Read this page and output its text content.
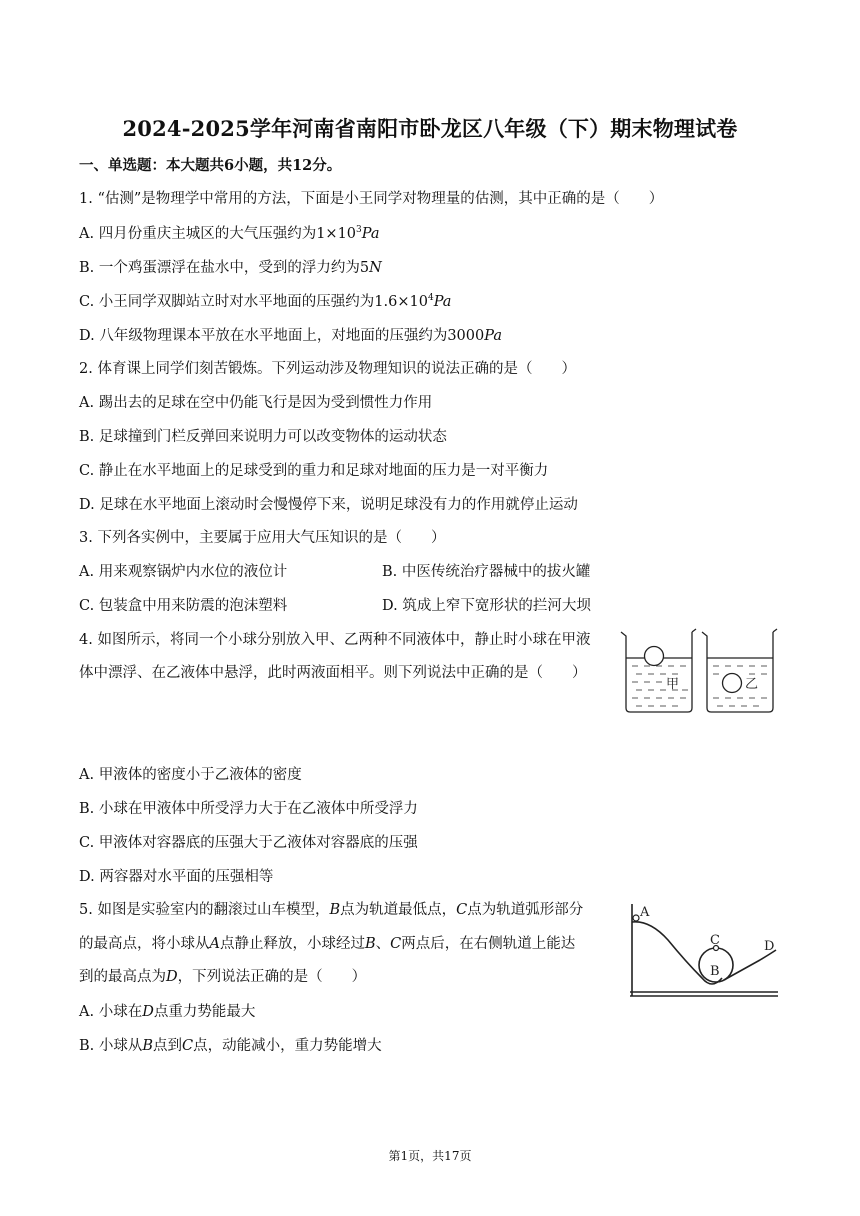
2024-2025学年河南省南阳市卧龙区八年级（下）期末物理试卷
一、单选题：本大题共6小题，共12分。
1. “估测”是物理学中常用的方法，下面是小王同学对物理量的估测，其中正确的是（　　）
A. 四月份重庆主城区的大气压强约为$1\times 10^3Pa$
B. 一个鸡蛋漂浮在盐水中，受到的浮力约为5N
C. 小王同学双脚站立时对水平地面的压强约为$1.6\times 10^4Pa$
D. 八年级物理课本平放在水平地面上，对地面的压强约为3000Pa
2. 体育课上同学们刻苦锻炼。下列运动涉及物理知识的说法正确的是（　　）
A. 踢出去的足球在空中仍能飞行是因为受到惯性力作用
B. 足球撞到门栏反弹回来说明力可以改变物体的运动状态
C. 静止在水平地面上的足球受到的重力和足球对地面的压力是一对平衡力
D. 足球在水平地面上滚动时会慢慢停下来，说明足球没有力的作用就停止运动
3. 下列各实例中，主要属于应用大气压知识的是（　　）
A. 用来观察锅炉内水位的液位计	B. 中医传统治疗器械中的拔火罐
C. 包装盒中用来防震的泡沫塑料	D. 筑成上窄下宽形状的拦河大坝
4. 如图所示，将同一个小球分别放入甲、乙两种不同液体中，静止时小球在甲液
体中漂浮、在乙液体中悬浮，此时两液面相平。则下列说法中正确的是（　　）
甲	乙
A. 甲液体的密度小于乙液体的密度
B. 小球在甲液体中所受浮力大于在乙液体中所受浮力
C. 甲液体对容器底的压强大于乙液体对容器底的压强
D. 两容器对水平面的压强相等
5. 如图是实验室内的翻滚过山车模型，B点为轨道最低点，C点为轨道弧形部分
的最高点，将小球从A点静止释放，小球经过B、C两点后，在右侧轨道上能达
到的最高点为D，下列说法正确的是（　　）
A
C
B
D
A. 小球在D点重力势能最大
B. 小球从B点到C点，动能减小，重力势能增大
第1页，共17页
